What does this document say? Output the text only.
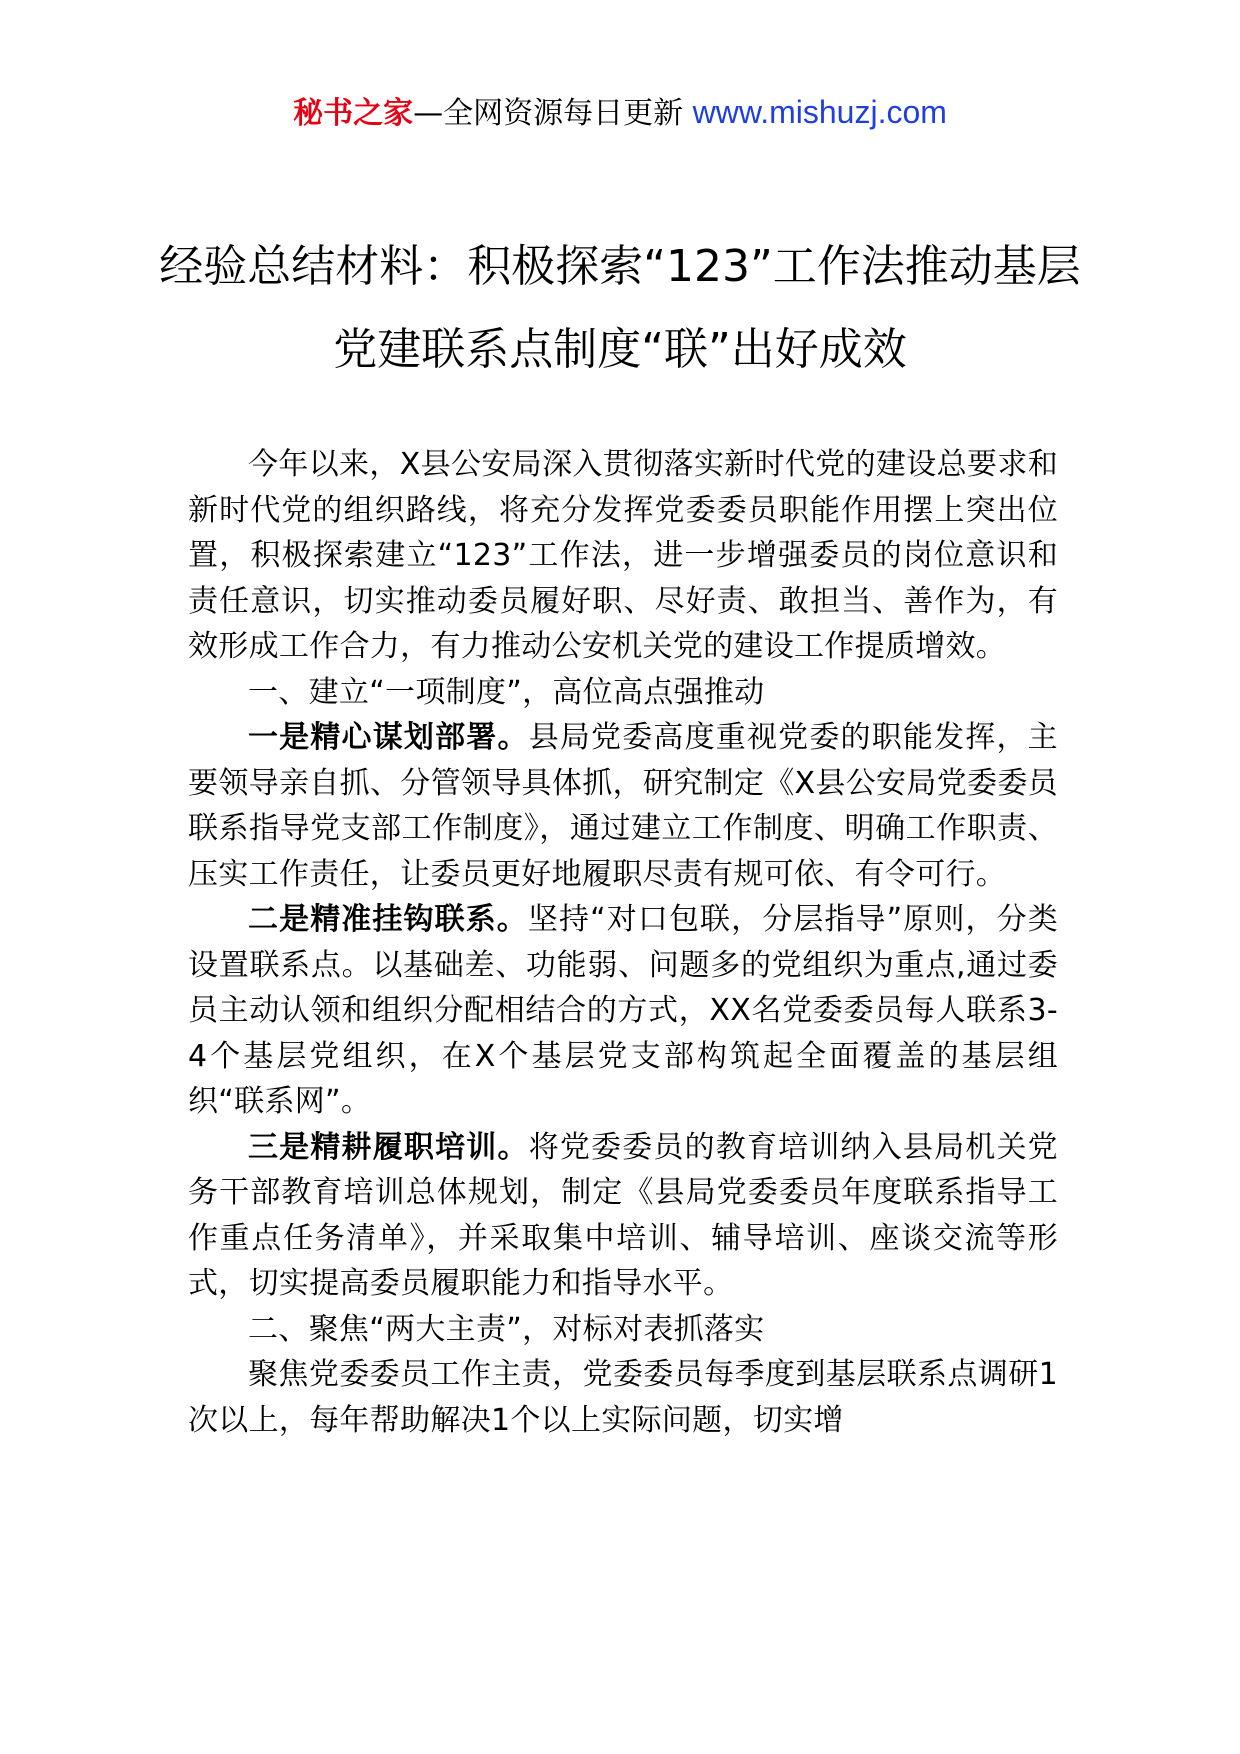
秘书之家—全网资源每日更新 www.mishuzj.com
经验总结材料：积极探索“123”工作法推动基层党建联系点制度“联”出好成效

今年以来，X县公安局深入贯彻落实新时代党的建设总要求和新时代党的组织路线，将充分发挥党委委员职能作用摆上突出位置，积极探索建立“123”工作法，进一步增强委员的岗位意识和责任意识，切实推动委员履好职、尽好责、敢担当、善作为，有效形成工作合力，有力推动公安机关党的建设工作提质增效。

一、建立“一项制度”，高位高点强推动

一是精心谋划部署。县局党委高度重视党委的职能发挥，主要领导亲自抓、分管领导具体抓，研究制定《X县公安局党委委员联系指导党支部工作制度》，通过建立工作制度、明确工作职责、压实工作责任，让委员更好地履职尽责有规可依、有令可行。

二是精准挂钩联系。坚持“对口包联，分层指导”原则，分类设置联系点。以基础差、功能弱、问题多的党组织为重点,通过委员主动认领和组织分配相结合的方式，XX名党委委员每人联系3-4个基层党组织，在X个基层党支部构筑起全面覆盖的基层组织“联系网”。

三是精耕履职培训。将党委委员的教育培训纳入县局机关党务干部教育培训总体规划，制定《县局党委委员年度联系指导工作重点任务清单》，并采取集中培训、辅导培训、座谈交流等形式，切实提高委员履职能力和指导水平。

二、聚焦“两大主责”，对标对表抓落实

聚焦党委委员工作主责，党委委员每季度到基层联系点调研1次以上，每年帮助解决1个以上实际问题，切实增
